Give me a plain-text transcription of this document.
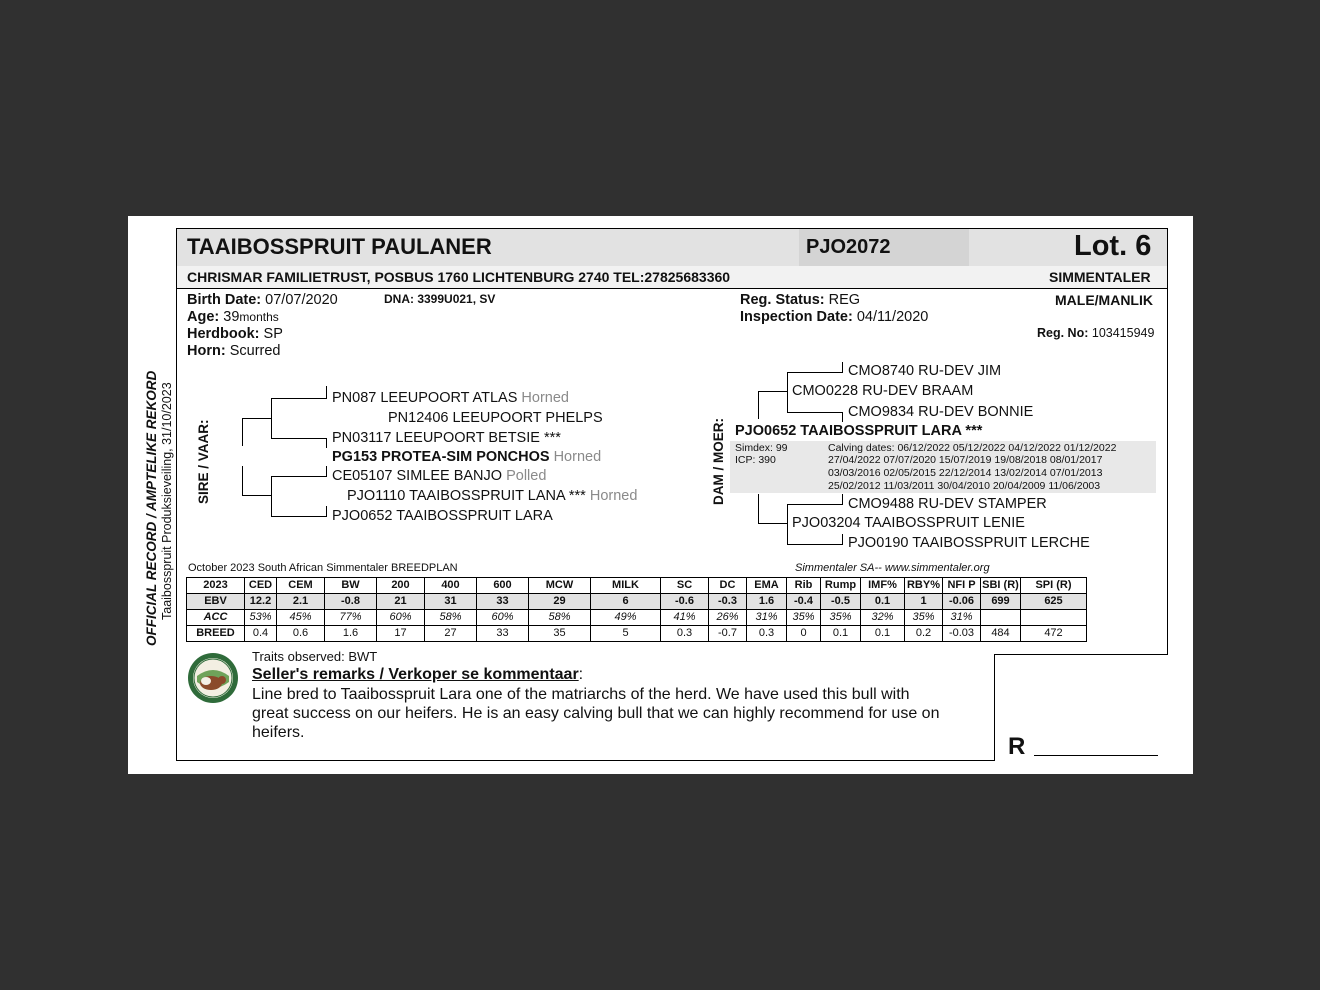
OFFICIAL RECORD / AMPTELIKE REKORD Taaibosspruit Produksieveiling, 31/10/2023
TAAIBOSSPRUIT PAULANER	PJO2072	Lot. 6
CHRISMAR FAMILIETRUST, POSBUS 1760 LICHTENBURG 2740 TEL:27825683360	SIMMENTALER
Birth Date: 07/07/2020
Age: 39months
Herdbook: SP
Horn: Scurred
DNA: 3399U021, SV	Reg. Status: REG
Inspection Date: 04/11/2020
MALE/MANLIK
Reg. No: 103415949
SIRE / VAAR:
PN087 LEEUPOORT ATLAS Horned
PN12406 LEEUPOORT PHELPS
PN03117 LEEUPOORT BETSIE ***
PG153 PROTEA-SIM PONCHOS Horned
CE05107 SIMLEE BANJO Polled
PJO1110 TAAIBOSSPRUIT LANA *** Horned
PJO0652 TAAIBOSSPRUIT LARA
DAM / MOER:
CMO8740 RU-DEV JIM
CMO0228 RU-DEV BRAAM
CMO9834 RU-DEV BONNIE
PJO0652 TAAIBOSSPRUIT LARA ***
Simdex: 99
ICP: 390
Calving dates: 06/12/2022 05/12/2022 04/12/2022 01/12/2022
27/04/2022 07/07/2020 15/07/2019 19/08/2018 08/01/2017
03/03/2016 02/05/2015 22/12/2014 13/02/2014 07/01/2013
25/02/2012 11/03/2011 30/04/2010 20/04/2009 11/06/2003
CMO9488 RU-DEV STAMPER
PJO03204 TAAIBOSSPRUIT LENIE
PJO0190 TAAIBOSSPRUIT LERCHE
October 2023 South African Simmentaler BREEDPLAN	Simmentaler SA-- www.simmentaler.org
2023	CED	CEM	BW	200	400	600	MCW	MILK	SC	DC	EMA	Rib	Rump	IMF%	RBY%	NFI P	SBI (R)	SPI (R)
EBV	12.2	2.1	-0.8	21	31	33	29	6	-0.6	-0.3	1.6	-0.4	-0.5	0.1	1	-0.06	699	625
ACC	53%	45%	77%	60%	58%	60%	58%	49%	41%	26%	31%	35%	35%	32%	35%	31%		
BREED	0.4	0.6	1.6	17	27	33	35	5	0.3	-0.7	0.3	0	0.1	0.1	0.2	-0.03	484	472
Traits observed: BWT
Seller's remarks / Verkoper se kommentaar:
Line bred to Taaibosspruit Lara one of the matriarchs of the herd. We have used this bull with
great success on our heifers. He is an easy calving bull that we can highly recommend for use on
heifers.
R
